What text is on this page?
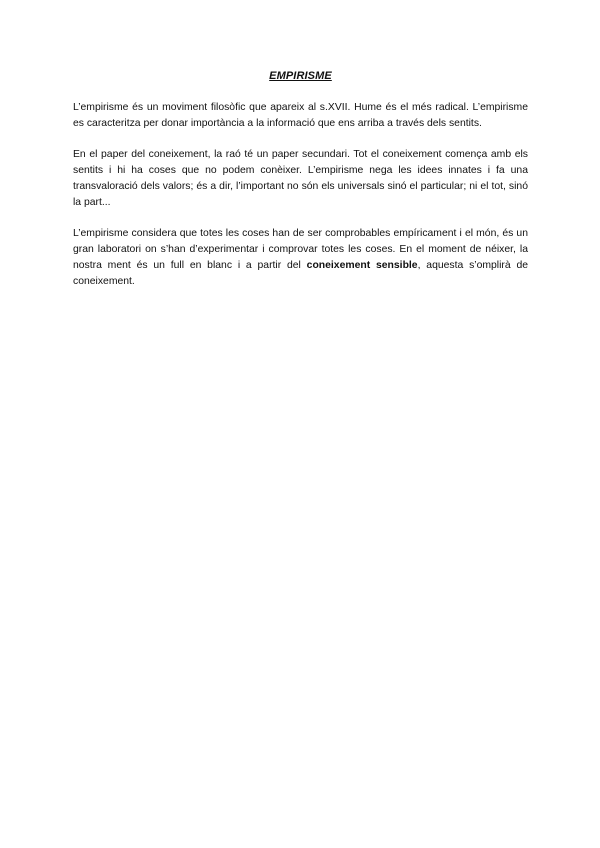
EMPIRISME

L’empirisme és un moviment filosòfic que apareix al s.XVII. Hume és el més radical. L’empirisme es caracteritza per donar importància a la informació que ens arriba a través dels sentits.

En el paper del coneixement, la raó té un paper secundari. Tot el coneixement comença amb els sentits i hi ha coses que no podem conèixer. L’empirisme nega les idees innates i fa una transvaloració dels valors; és a dir, l’important no són els universals sinó el particular; ni el tot, sinó la part...

L’empirisme considera que totes les coses han de ser comprobables empíricament i el món, és un gran laboratori on s’han d’experimentar i comprovar totes les coses. En el moment de néixer, la nostra ment és un full en blanc i a partir del coneixement sensible, aquesta s’omplirà de coneixement.
